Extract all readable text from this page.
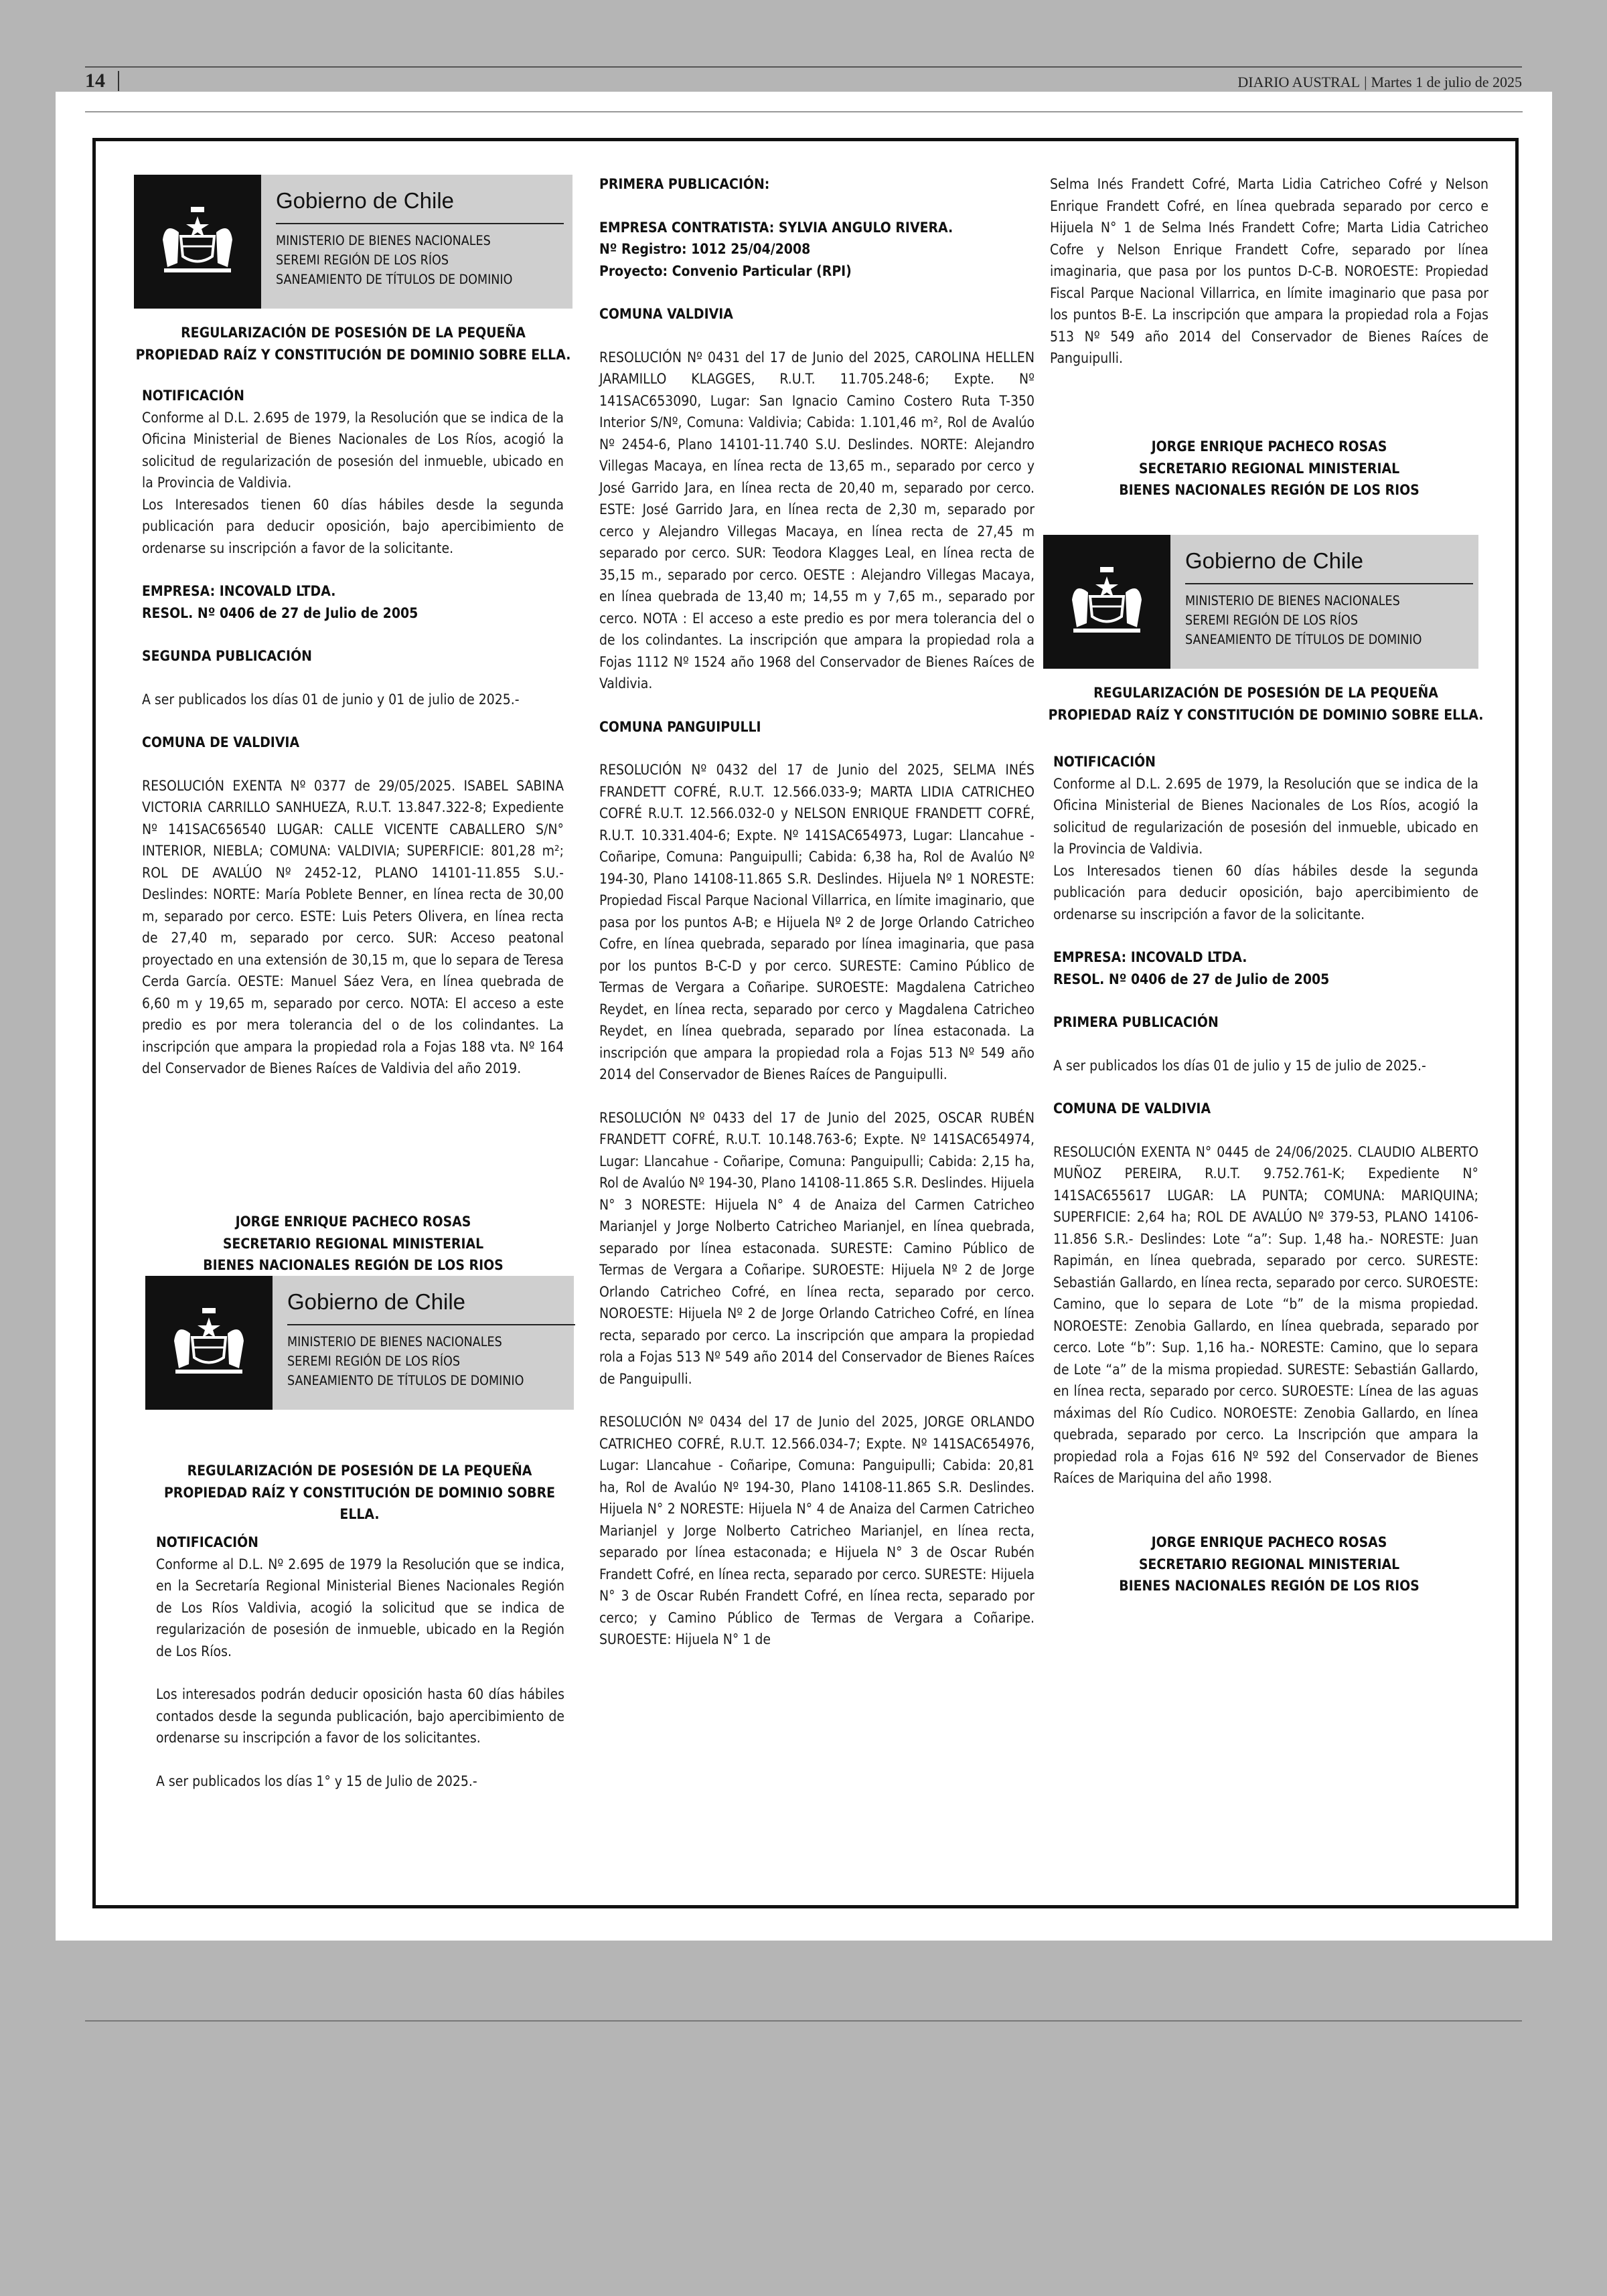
14	DIARIO AUSTRAL | Martes 1 de julio de 2025
Gobierno de Chile
MINISTERIO DE BIENES NACIONALES
SEREMI REGIÓN DE LOS RÍOS
SANEAMIENTO DE TÍTULOS DE DOMINIO

REGULARIZACIÓN DE POSESIÓN DE LA PEQUEÑA

PROPIEDAD RAÍZ Y CONSTITUCIÓN DE DOMINIO SOBRE ELLA.

NOTIFICACIÓN

Conforme al D.L. 2.695 de 1979, la Resolución que se indica de la Oficina Ministerial de Bienes Nacionales de Los Ríos, acogió la solicitud de regularización de posesión del inmueble, ubicado en la Provincia de Valdivia.

Los Interesados tienen 60 días hábiles desde la segunda publicación para deducir oposición, bajo apercibimiento de ordenarse su inscripción a favor de la solicitante.

EMPRESA: INCOVALD LTDA.

RESOL. Nº 0406 de 27 de Julio de 2005

SEGUNDA PUBLICACIÓN

A ser publicados los días 01 de junio y 01 de julio de 2025.-

COMUNA DE VALDIVIA

RESOLUCIÓN EXENTA Nº 0377 de 29/05/2025. ISABEL SABINA VICTORIA CARRILLO SANHUEZA, R.U.T. 13.847.322-8; Expediente Nº 141SAC656540 LUGAR: CALLE VICENTE CABALLERO S/N° INTERIOR, NIEBLA; COMUNA: VALDIVIA; SUPERFICIE: 801,28 m²; ROL DE AVALÚO Nº 2452-12, PLANO 14101-11.855 S.U.- Deslindes: NORTE: María Poblete Benner, en línea recta de 30,00 m, separado por cerco. ESTE: Luis Peters Olivera, en línea recta de 27,40 m, separado por cerco. SUR: Acceso peatonal proyectado en una extensión de 30,15 m, que lo separa de Teresa Cerda García. OESTE: Manuel Sáez Vera, en línea quebrada de 6,60 m y 19,65 m, separado por cerco. NOTA: El acceso a este predio es por mera tolerancia del o de los colindantes. La inscripción que ampara la propiedad rola a Fojas 188 vta. Nº 164 del Conservador de Bienes Raíces de Valdivia del año 2019.

JORGE ENRIQUE PACHECO ROSAS

SECRETARIO REGIONAL MINISTERIAL

BIENES NACIONALES REGIÓN DE LOS RIOS

Gobierno de Chile
MINISTERIO DE BIENES NACIONALES
SEREMI REGIÓN DE LOS RÍOS
SANEAMIENTO DE TÍTULOS DE DOMINIO

REGULARIZACIÓN DE POSESIÓN DE LA PEQUEÑA

PROPIEDAD RAÍZ Y CONSTITUCIÓN DE DOMINIO SOBRE ELLA.

NOTIFICACIÓN

Conforme al D.L. Nº 2.695 de 1979 la Resolución que se indica, en la Secretaría Regional Ministerial Bienes Nacionales Región de Los Ríos Valdivia, acogió la solicitud que se indica de regularización de posesión de inmueble, ubicado en la Región de Los Ríos.

Los interesados podrán deducir oposición hasta 60 días hábiles contados desde la segunda publicación, bajo apercibimiento de ordenarse su inscripción a favor de los solicitantes.

A ser publicados los días 1° y 15 de Julio de 2025.-

PRIMERA PUBLICACIÓN:

EMPRESA CONTRATISTA: SYLVIA ANGULO RIVERA.

Nº Registro: 1012 25/04/2008

Proyecto: Convenio Particular (RPI)

COMUNA VALDIVIA

RESOLUCIÓN Nº 0431 del 17 de Junio del 2025, CAROLINA HELLEN JARAMILLO KLAGGES, R.U.T. 11.705.248-6; Expte. Nº 141SAC653090, Lugar: San Ignacio Camino Costero Ruta T-350 Interior S/Nº, Comuna: Valdivia; Cabida: 1.101,46 m², Rol de Avalúo Nº 2454-6, Plano 14101-11.740 S.U. Deslindes. NORTE: Alejandro Villegas Macaya, en línea recta de 13,65 m., separado por cerco y José Garrido Jara, en línea recta de 20,40 m, separado por cerco. ESTE: José Garrido Jara, en línea recta de 2,30 m, separado por cerco y Alejandro Villegas Macaya, en línea recta de 27,45 m separado por cerco. SUR: Teodora Klagges Leal, en línea recta de 35,15 m., separado por cerco. OESTE : Alejandro Villegas Macaya, en línea quebrada de 13,40 m; 14,55 m y 7,65 m., separado por cerco. NOTA : El acceso a este predio es por mera tolerancia del o de los colindantes. La inscripción que ampara la propiedad rola a Fojas 1112 Nº 1524 año 1968 del Conservador de Bienes Raíces de Valdivia.

COMUNA PANGUIPULLI

RESOLUCIÓN Nº 0432 del 17 de Junio del 2025, SELMA INÉS FRANDETT COFRÉ, R.U.T. 12.566.033-9; MARTA LIDIA CATRICHEO COFRÉ R.U.T. 12.566.032-0 y NELSON ENRIQUE FRANDETT COFRÉ, R.U.T. 10.331.404-6; Expte. Nº 141SAC654973, Lugar: Llancahue - Coñaripe, Comuna: Panguipulli; Cabida: 6,38 ha, Rol de Avalúo Nº 194-30, Plano 14108-11.865 S.R. Deslindes. Hijuela Nº 1 NORESTE: Propiedad Fiscal Parque Nacional Villarrica, en límite imaginario, que pasa por los puntos A-B; e Hijuela Nº 2 de Jorge Orlando Catricheo Cofre, en línea quebrada, separado por línea imaginaria, que pasa por los puntos B-C-D y por cerco. SURESTE: Camino Público de Termas de Vergara a Coñaripe. SUROESTE: Magdalena Catricheo Reydet, en línea recta, separado por cerco y Magdalena Catricheo Reydet, en línea quebrada, separado por línea estaconada. La inscripción que ampara la propiedad rola a Fojas 513 Nº 549 año 2014 del Conservador de Bienes Raíces de Panguipulli.

RESOLUCIÓN Nº 0433 del 17 de Junio del 2025, OSCAR RUBÉN FRANDETT COFRÉ, R.U.T. 10.148.763-6; Expte. Nº 141SAC654974, Lugar: Llancahue - Coñaripe, Comuna: Panguipulli; Cabida: 2,15 ha, Rol de Avalúo Nº 194-30, Plano 14108-11.865 S.R. Deslindes. Hijuela N° 3 NORESTE: Hijuela N° 4 de Anaiza del Carmen Catricheo Marianjel y Jorge Nolberto Catricheo Marianjel, en línea quebrada, separado por línea estaconada. SURESTE: Camino Público de Termas de Vergara a Coñaripe. SUROESTE: Hijuela Nº 2 de Jorge Orlando Catricheo Cofré, en línea recta, separado por cerco. NOROESTE: Hijuela Nº 2 de Jorge Orlando Catricheo Cofré, en línea recta, separado por cerco. La inscripción que ampara la propiedad rola a Fojas 513 Nº 549 año 2014 del Conservador de Bienes Raíces de Panguipulli.

RESOLUCIÓN Nº 0434 del 17 de Junio del 2025, JORGE ORLANDO CATRICHEO COFRÉ, R.U.T. 12.566.034-7; Expte. Nº 141SAC654976, Lugar: Llancahue - Coñaripe, Comuna: Panguipulli; Cabida: 20,81 ha, Rol de Avalúo Nº 194-30, Plano 14108-11.865 S.R. Deslindes. Hijuela N° 2 NORESTE: Hijuela N° 4 de Anaiza del Carmen Catricheo Marianjel y Jorge Nolberto Catricheo Marianjel, en línea recta, separado por línea estaconada; e Hijuela N° 3 de Oscar Rubén Frandett Cofré, en línea recta, separado por cerco. SURESTE: Hijuela N° 3 de Oscar Rubén Frandett Cofré, en línea recta, separado por cerco; y Camino Público de Termas de Vergara a Coñaripe. SUROESTE: Hijuela N° 1 de

Selma Inés Frandett Cofré, Marta Lidia Catricheo Cofré y Nelson Enrique Frandett Cofré, en línea quebrada separado por cerco e Hijuela N° 1 de Selma Inés Frandett Cofre; Marta Lidia Catricheo Cofre y Nelson Enrique Frandett Cofre, separado por línea imaginaria, que pasa por los puntos D-C-B. NOROESTE: Propiedad Fiscal Parque Nacional Villarrica, en límite imaginario que pasa por los puntos B-E. La inscripción que ampara la propiedad rola a Fojas 513 Nº 549 año 2014 del Conservador de Bienes Raíces de Panguipulli.

JORGE ENRIQUE PACHECO ROSAS

SECRETARIO REGIONAL MINISTERIAL

BIENES NACIONALES REGIÓN DE LOS RIOS

Gobierno de Chile
MINISTERIO DE BIENES NACIONALES
SEREMI REGIÓN DE LOS RÍOS
SANEAMIENTO DE TÍTULOS DE DOMINIO

REGULARIZACIÓN DE POSESIÓN DE LA PEQUEÑA

PROPIEDAD RAÍZ Y CONSTITUCIÓN DE DOMINIO SOBRE ELLA.

NOTIFICACIÓN

Conforme al D.L. 2.695 de 1979, la Resolución que se indica de la Oficina Ministerial de Bienes Nacionales de Los Ríos, acogió la solicitud de regularización de posesión del inmueble, ubicado en la Provincia de Valdivia.

Los Interesados tienen 60 días hábiles desde la segunda publicación para deducir oposición, bajo apercibimiento de ordenarse su inscripción a favor de la solicitante.

EMPRESA: INCOVALD LTDA.

RESOL. Nº 0406 de 27 de Julio de 2005

PRIMERA PUBLICACIÓN

A ser publicados los días 01 de julio y 15 de julio de 2025.-

COMUNA DE VALDIVIA

RESOLUCIÓN EXENTA N° 0445 de 24/06/2025. CLAUDIO ALBERTO MUÑOZ PEREIRA, R.U.T. 9.752.761-K; Expediente N° 141SAC655617 LUGAR: LA PUNTA; COMUNA: MARIQUINA; SUPERFICIE: 2,64 ha; ROL DE AVALÚO Nº 379-53, PLANO 14106-11.856 S.R.- Deslindes: Lote “a”: Sup. 1,48 ha.- NORESTE: Juan Rapimán, en línea quebrada, separado por cerco. SURESTE: Sebastián Gallardo, en línea recta, separado por cerco. SUROESTE: Camino, que lo separa de Lote “b” de la misma propiedad. NOROESTE: Zenobia Gallardo, en línea quebrada, separado por cerco. Lote “b”: Sup. 1,16 ha.- NORESTE: Camino, que lo separa de Lote “a” de la misma propiedad. SURESTE: Sebastián Gallardo, en línea recta, separado por cerco. SUROESTE: Línea de las aguas máximas del Río Cudico. NOROESTE: Zenobia Gallardo, en línea quebrada, separado por cerco. La Inscripción que ampara la propiedad rola a Fojas 616 Nº 592 del Conservador de Bienes Raíces de Mariquina del año 1998.

JORGE ENRIQUE PACHECO ROSAS

SECRETARIO REGIONAL MINISTERIAL

BIENES NACIONALES REGIÓN DE LOS RIOS
